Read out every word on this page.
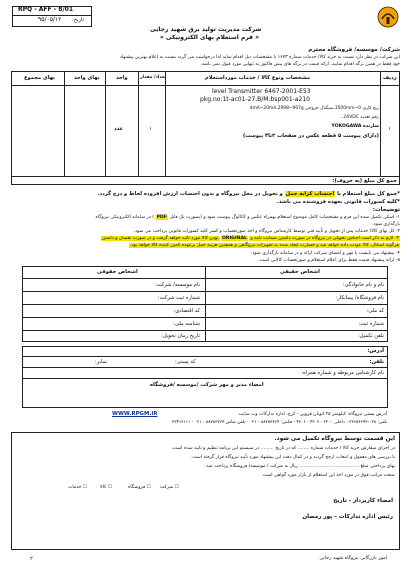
RPQ - AFF - 8/01
تاریخ:
۹۵/۰۵/۱۲
شرکت مدیریت تولید برق شهید رجایی
« فرم استعلام بهای الکترونیکی »
شرکت/ موسسه/ فروشگاه محترم
این شرکت در نظر دارد نسبت به خرید کالا/ خدمات شماره ۱۶۷۳ با مشخصات ذیل اقدام نماید لذا درخواست می گردد نسبت به اعلام بهترین پیشنهاد
خود فقط در همین برگه اقدام نمایید، ارائه قیمت در برگه های پیش فاکتور به تنهایی مورد قبول نمی باشد.
ردیف
مشخصات ونوع کالا / خدمات مورداستعلام
تعداد/ مقدار
واحد
بهای واحد
بهای مجموع
۱
level Transmitter 6467-2001-E53
pkg.no:1t-ac01-27,B/M:bsp001-a210
رنج کاری 3500mm~0،سیگنال خروجی 4mA~20mA،2098~907g
رقم تغذیه 24VDC ،
سازنده YOKOGAWA
(دارای پیوست ۵ قطعه عکس در صفحات ۲تا۴ پیوست)
۱
عدد
جمع کل مبلغ (به حروف):
*جمع کل مبلغ استعلام با احتساب کرایه حمل و تحویل در محل نیروگاه و بدون احتساب ارزش افزوده لحاظ و درج گردد.
*کلیه کسورات قانونی بعهده فروشنده می باشد.
توضیحات:
۱- اسکن تکمیل شده این فرم و مشخصات کامل موضوع استعلام بهمراه عکس و کاتالوگ پیوست شود و (بصورت یک فایل PDF ) در سامانه الکترونیکی نیروگاه
بارگذاری شود.
۲- کل بهای کالا/ خدمات پس از تحویل و تأیید فنی توسط کارشناس نیروگاه و اخذ صورتحساب و کسر کلیه کسورات قانونی پرداخت می شود.
۳- لازم به ذکر است اجناس تحویلی در نیروگاه در صورت داشتن ضمانت نامه و ORIGINAL بودن کالا مورد تائید خواهد گرفت و در صورت نقصان و داشتن
هرگونه اشکال، کالا عودت داده خواهد شد و خسارت ایجاد شده به تجهیزات نیروگاهی و همچنین هزینه حمل برعهده تامین کننده کالا خواهد بود.
۴- پیشنهاد می بایست با مهر و امضای شرکت ارائه و در سامانه بارگذاری شود.
۵- ارائه پیشنهاد قیمت فقط برای اعلام استعلام و صورتحساب کالایی است.
اشخاص حقوقی	اشخاص حقیقی
نام موسسه/ شرکت:
شماره ثبت شرکت:
کد اقتصادی:
شناسه ملی:
تاریخ زمان تحویل:
نام و نام خانوادگی:
نام فروشگاه/ پیمانکار:
کد ملی:
شماره ثبت:
تلفن تکمیل:
آدرس:
تلفن:
کد پستی:
نمابر:
نام کارشناس مربوطه و شماره همراه:
امضاء مدیر و مهر شرکت /موسسه /فروشگاه
آدرس پستی نیروگاه: کیلومتر ۲۵ اتوبان قزوین - کرج، اداره تدارکات وب سایت
WWW.RPGM.IR
تلفن: ۰۲۸-۳۳۶۵۶۶۹۳ - داخلی ۳۲۰۰ - ۴۳۰۷ - ۴۳۰۶ - فکس: ۸۸۷۸۳۷۶۴ - ۰۲۱ - تلفن تماس ۸۸۷۸۳۷۶۴ - ۰۲۱ - ۳۳۴۱۳۱۱۱
این قسمت توسط نیروگاه تکمیل می شود.
در اجرای سفارش خرید کالا / خدمات شماره ........ که در تاریخ ......... در سیستم این برنامه تنظیم و تایید شده است،
با بررسی های معمول و انتخاب ارجح گردید و در کمال دقت این پیشنهاد مورد تأیید نیروگاه قرار گرفته است.
بهای پرداختی مبلغ ......................................... ریال به شرکت / موسسه/ فروشگاه پرداخت شد.
صحت مراتب فوق در مورد اخذ این استعلام از بازار مورد گواهی است.
☐ شرکت
☐ فروشگاه
☐ کالا
☐ خدمات
امضاء کاربرداز - تاریخ
رئیس اداره تدارکات – پور رمضان
۲	امور بازرگانی نیروگاه شهید رجایی
